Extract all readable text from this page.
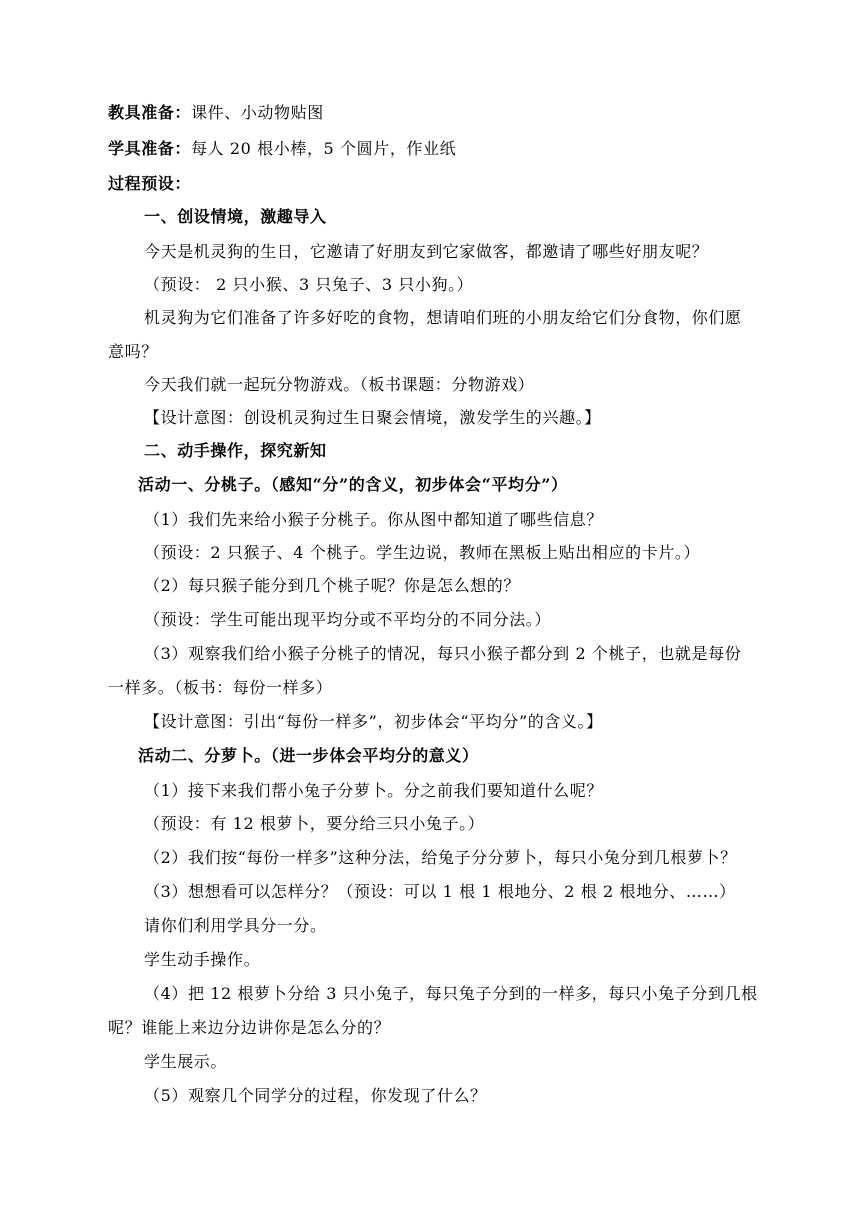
教具准备：课件、小动物贴图
学具准备：每人 20 根小棒，5 个圆片，作业纸
过程预设：
一、创设情境，激趣导入
今天是机灵狗的生日，它邀请了好朋友到它家做客，都邀请了哪些好朋友呢？
（预设： 2 只小猴、3 只兔子、3 只小狗。）
机灵狗为它们准备了许多好吃的食物，想请咱们班的小朋友给它们分食物，你们愿
意吗？
今天我们就一起玩分物游戏。（板书课题：分物游戏）
【设计意图：创设机灵狗过生日聚会情境，激发学生的兴趣。】
二、动手操作，探究新知
活动一、分桃子。（感知“分”的含义，初步体会“平均分”）
（1）我们先来给小猴子分桃子。你从图中都知道了哪些信息？
（预设：2 只猴子、4 个桃子。学生边说，教师在黑板上贴出相应的卡片。）
（2）每只猴子能分到几个桃子呢？你是怎么想的？
（预设：学生可能出现平均分或不平均分的不同分法。）
（3）观察我们给小猴子分桃子的情况，每只小猴子都分到 2 个桃子，也就是每份
一样多。（板书：每份一样多）
【设计意图：引出“每份一样多”，初步体会“平均分”的含义。】
活动二、分萝卜。（进一步体会平均分的意义）
（1）接下来我们帮小兔子分萝卜。分之前我们要知道什么呢？
（预设：有 12 根萝卜，要分给三只小兔子。）
（2）我们按“每份一样多”这种分法，给兔子分分萝卜，每只小兔分到几根萝卜？
（3）想想看可以怎样分？（预设：可以 1 根 1 根地分、2 根 2 根地分、……）
请你们利用学具分一分。
学生动手操作。
（4）把 12 根萝卜分给 3 只小兔子，每只兔子分到的一样多，每只小兔子分到几根
呢？谁能上来边分边讲你是怎么分的？
学生展示。
（5）观察几个同学分的过程，你发现了什么？
